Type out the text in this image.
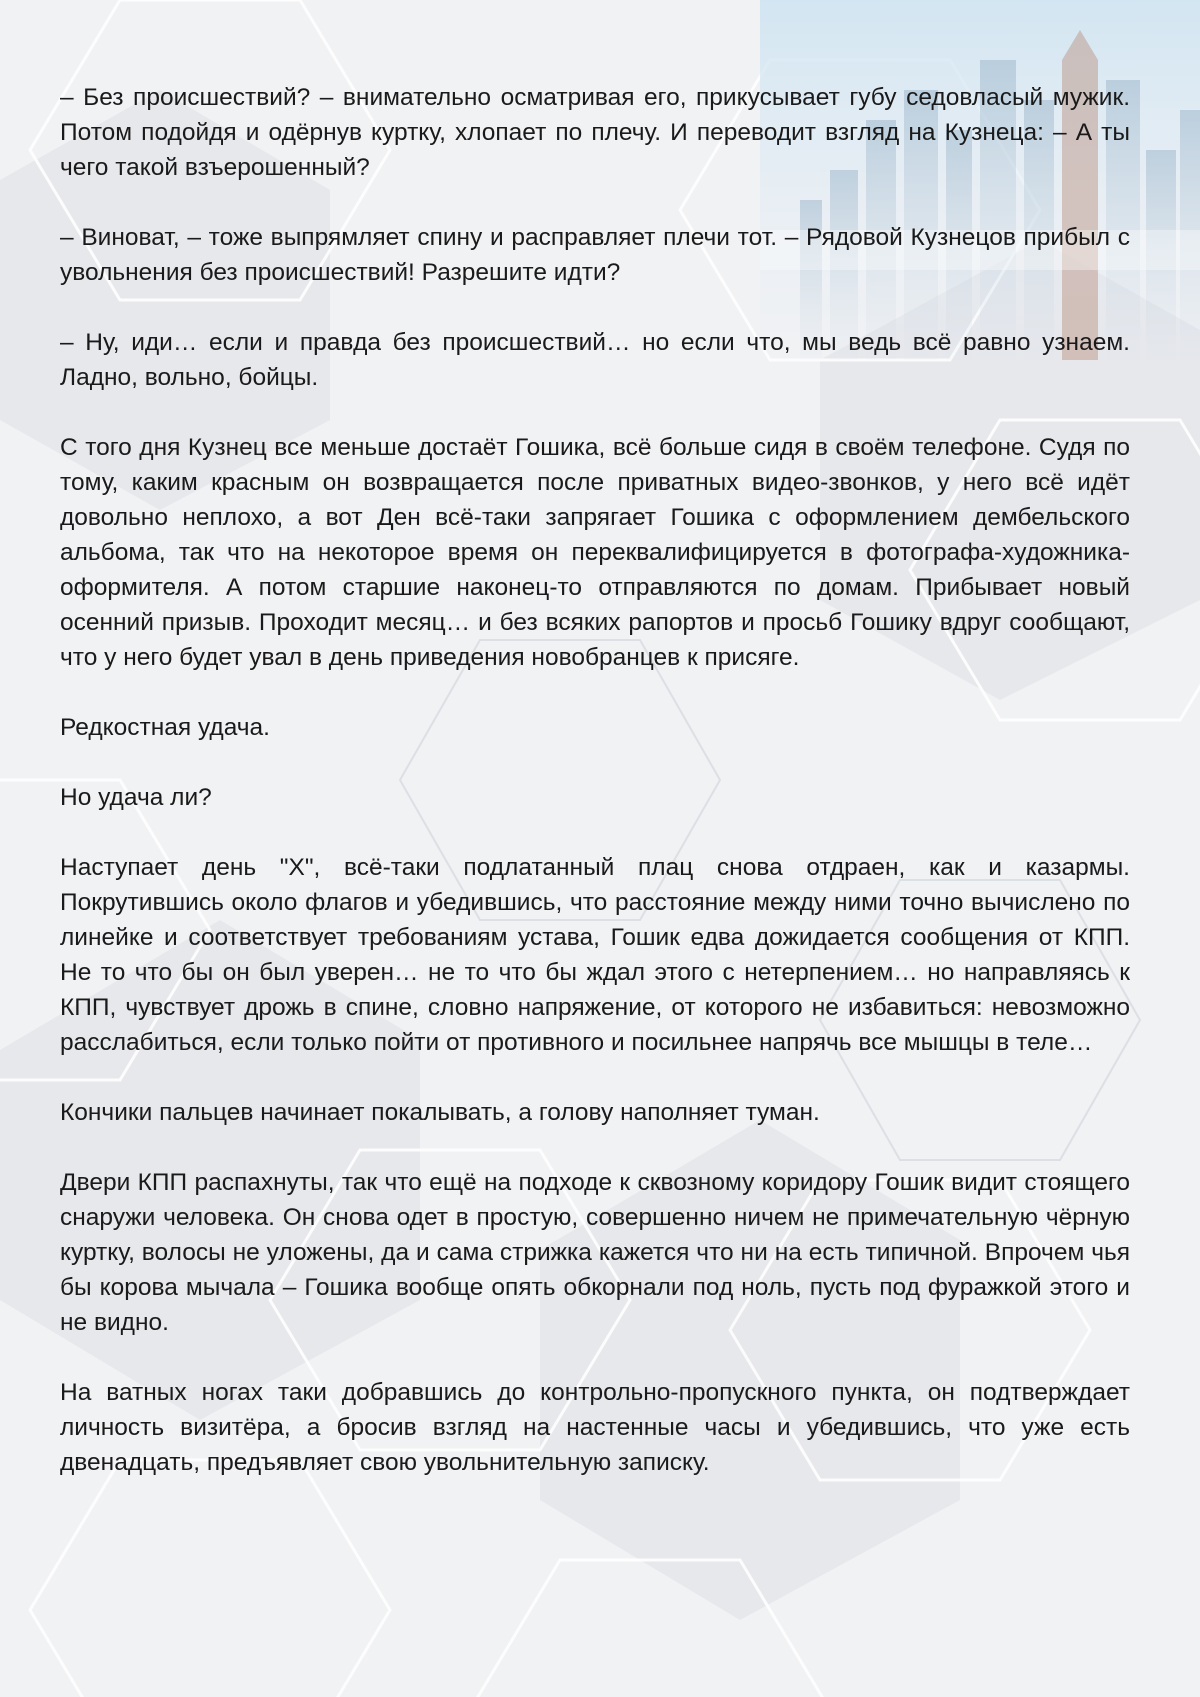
– Без происшествий? – внимательно осматривая его, прикусывает губу седовласый мужик. Потом подойдя и одёрнув куртку, хлопает по плечу. И переводит взгляд на Кузнеца: – А ты чего такой взъерошенный?

– Виноват, – тоже выпрямляет спину и расправляет плечи тот. – Рядовой Кузнецов прибыл с увольнения без происшествий! Разрешите идти?

– Ну, иди… если и правда без происшествий… но если что, мы ведь всё равно узнаем. Ладно, вольно, бойцы.

С того дня Кузнец все меньше достаёт Гошика, всё больше сидя в своём телефоне. Судя по тому, каким красным он возвращается после приватных видео-звонков, у него всё идёт довольно неплохо, а вот Ден всё-таки запрягает Гошика с оформлением дембельского альбома, так что на некоторое время он переквалифицируется в фотографа-художника-оформителя. А потом старшие наконец-то отправляются по домам. Прибывает новый осенний призыв. Проходит месяц… и без всяких рапортов и просьб Гошику вдруг сообщают, что у него будет увал в день приведения новобранцев к присяге.

Редкостная удача.

Но удача ли?

Наступает день "Х", всё-таки подлатанный плац снова отдраен, как и казармы. Покрутившись около флагов и убедившись, что расстояние между ними точно вычислено по линейке и соответствует требованиям устава, Гошик едва дожидается сообщения от КПП. Не то что бы он был уверен… не то что бы ждал этого с нетерпением… но направляясь к КПП, чувствует дрожь в спине, словно напряжение, от которого не избавиться: невозможно расслабиться, если только пойти от противного и посильнее напрячь все мышцы в теле…

Кончики пальцев начинает покалывать, а голову наполняет туман.

Двери КПП распахнуты, так что ещё на подходе к сквозному коридору Гошик видит стоящего снаружи человека. Он снова одет в простую, совершенно ничем не примечательную чёрную куртку, волосы не уложены, да и сама стрижка кажется что ни на есть типичной. Впрочем чья бы корова мычала – Гошика вообще опять обкорнали под ноль, пусть под фуражкой этого и не видно.

На ватных ногах таки добравшись до контрольно-пропускного пункта, он подтверждает личность визитёра, а бросив взгляд на настенные часы и убедившись, что уже есть двенадцать, предъявляет свою увольнительную записку.
